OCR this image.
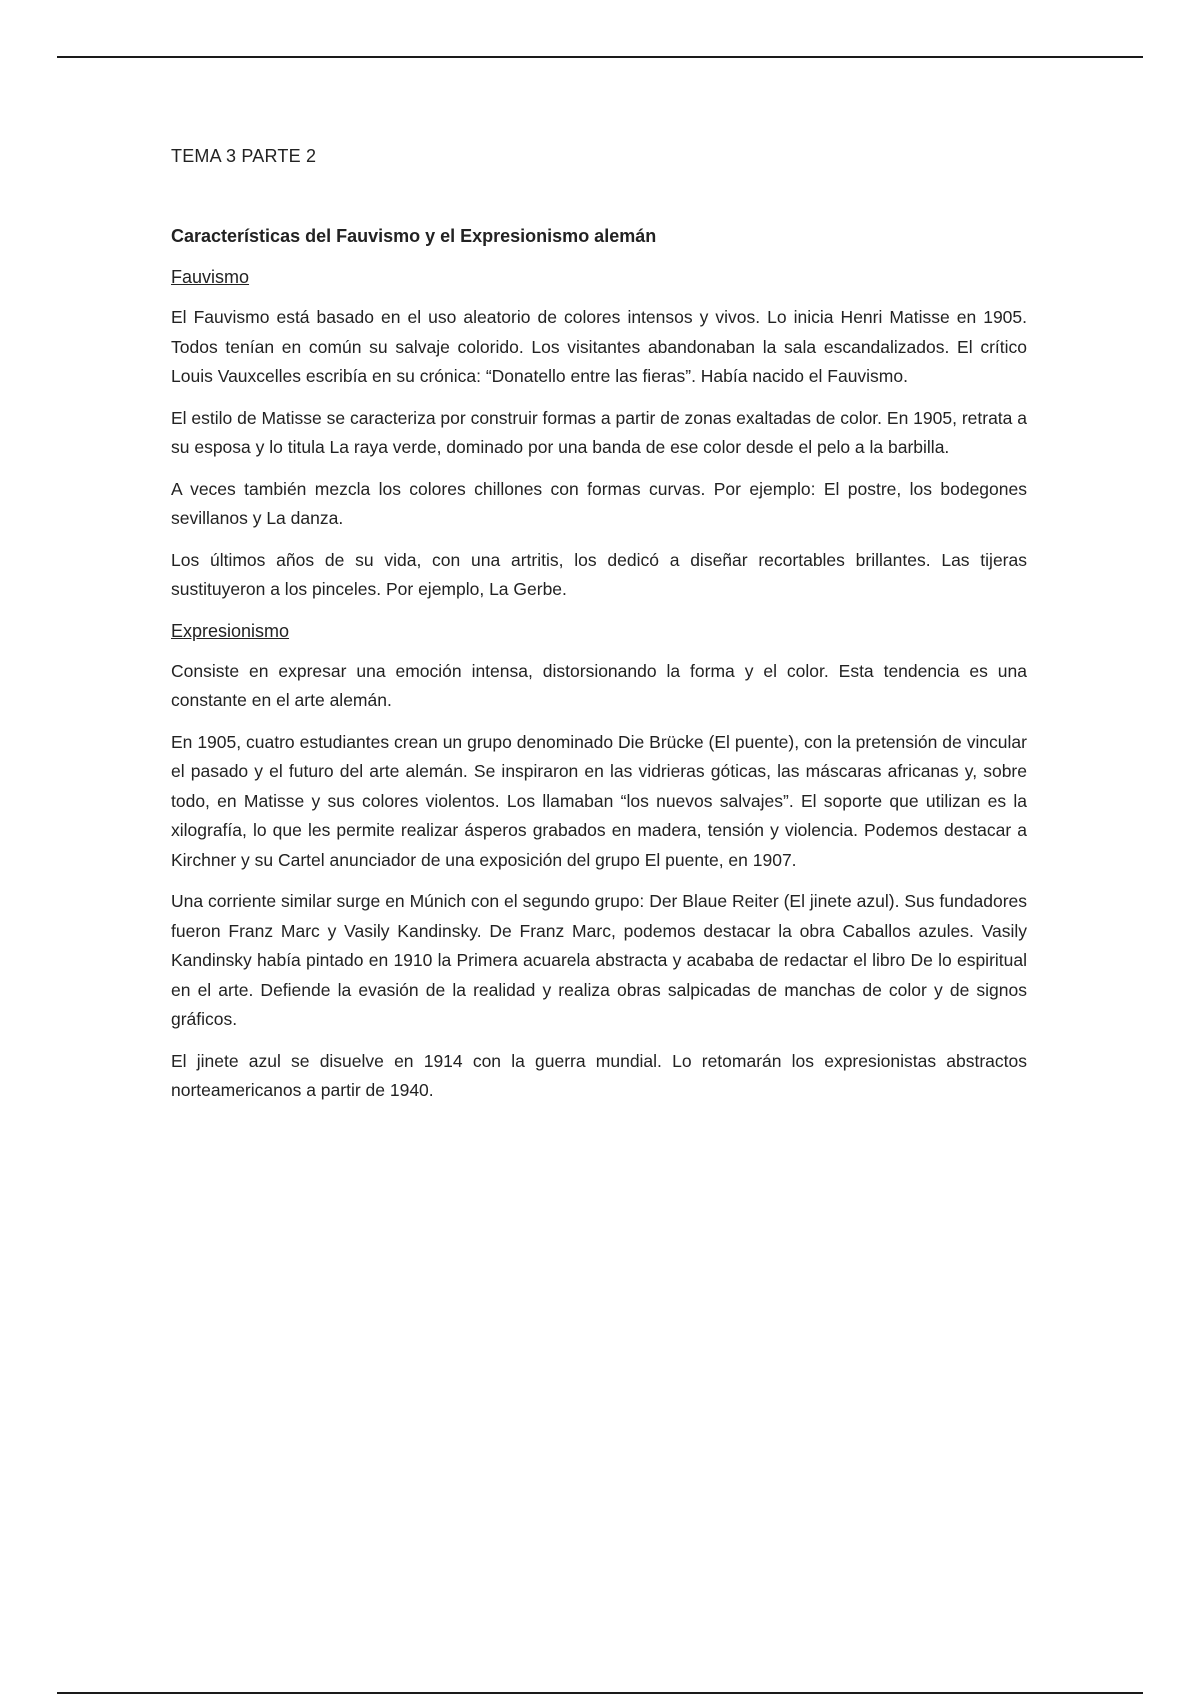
TEMA 3 PARTE 2
Características del Fauvismo y el Expresionismo alemán
Fauvismo

El Fauvismo está basado en el uso aleatorio de colores intensos y vivos. Lo inicia Henri Matisse en 1905. Todos tenían en común su salvaje colorido. Los visitantes abandonaban la sala escandalizados. El crítico Louis Vauxcelles escribía en su crónica: “Donatello entre las fieras”. Había nacido el Fauvismo.

El estilo de Matisse se caracteriza por construir formas a partir de zonas exaltadas de color. En 1905, retrata a su esposa y lo titula La raya verde, dominado por una banda de ese color desde el pelo a la barbilla.

A veces también mezcla los colores chillones con formas curvas. Por ejemplo: El postre, los bodegones sevillanos y La danza.

Los últimos años de su vida, con una artritis, los dedicó a diseñar recortables brillantes. Las tijeras sustituyeron a los pinceles. Por ejemplo, La Gerbe.

Expresionismo

Consiste en expresar una emoción intensa, distorsionando la forma y el color. Esta tendencia es una constante en el arte alemán.

En 1905, cuatro estudiantes crean un grupo denominado Die Brücke (El puente), con la pretensión de vincular el pasado y el futuro del arte alemán. Se inspiraron en las vidrieras góticas, las máscaras africanas y, sobre todo, en Matisse y sus colores violentos. Los llamaban “los nuevos salvajes”. El soporte que utilizan es la xilografía, lo que les permite realizar ásperos grabados en madera, tensión y violencia. Podemos destacar a Kirchner y su Cartel anunciador de una exposición del grupo El puente, en 1907.

Una corriente similar surge en Múnich con el segundo grupo: Der Blaue Reiter (El jinete azul). Sus fundadores fueron Franz Marc y Vasily Kandinsky. De Franz Marc, podemos destacar la obra Caballos azules. Vasily Kandinsky había pintado en 1910 la Primera acuarela abstracta y acababa de redactar el libro De lo espiritual en el arte. Defiende la evasión de la realidad y realiza obras salpicadas de manchas de color y de signos gráficos.

El jinete azul se disuelve en 1914 con la guerra mundial. Lo retomarán los expresionistas abstractos norteamericanos a partir de 1940.
